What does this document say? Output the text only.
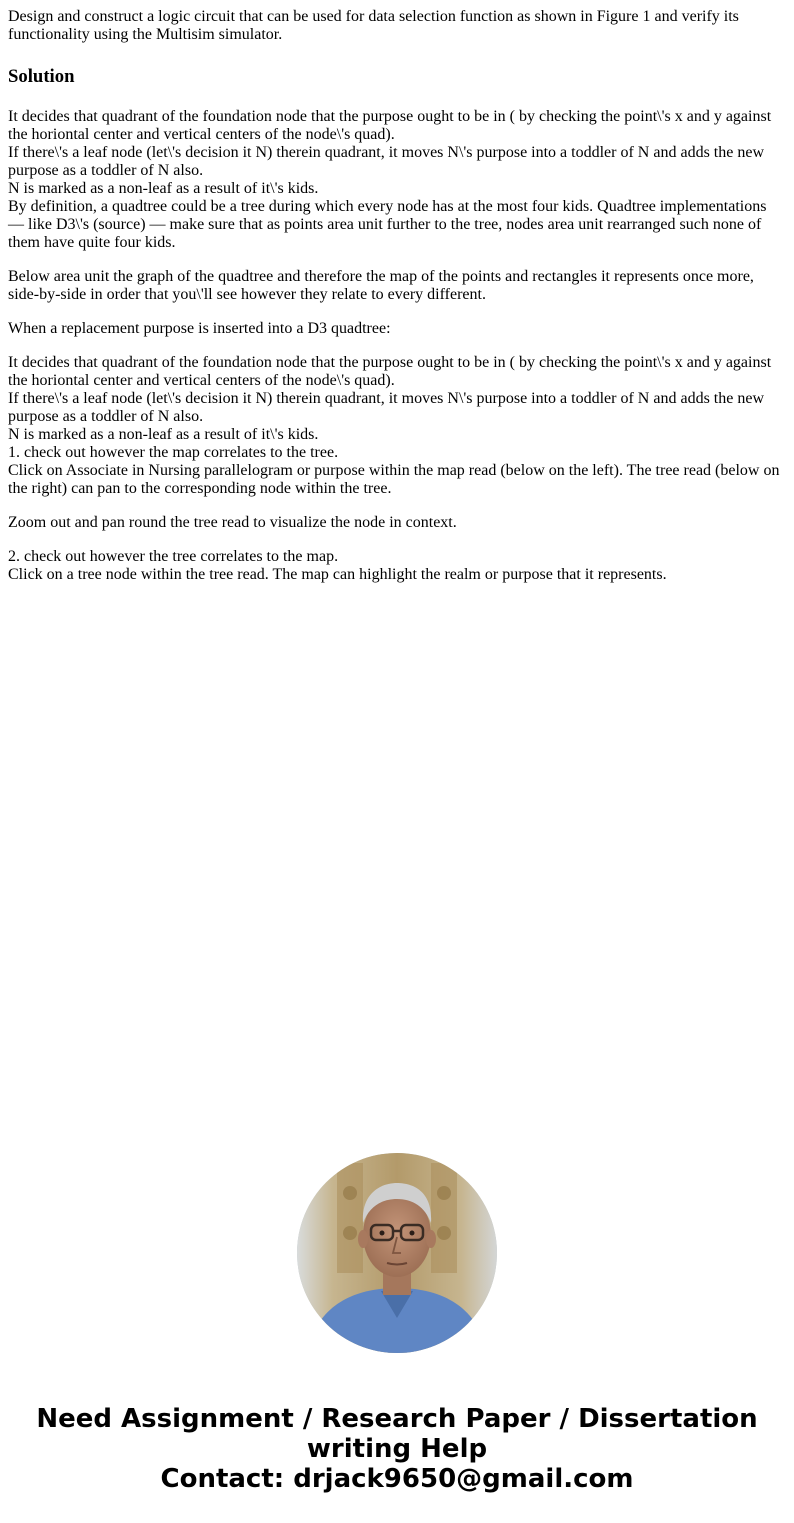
Design and construct a logic circuit that can be used for data selection function as shown in Figure 1 and verify its functionality using the Multisim simulator.
Solution
It decides that quadrant of the foundation node that the purpose ought to be in ( by checking the point\'s x and y against the horiontal center and vertical centers of the node\'s quad).
If there\'s a leaf node (let\'s decision it N) therein quadrant, it moves N\'s purpose into a toddler of N and adds the new purpose as a toddler of N also.
N is marked as a non-leaf as a result of it\'s kids.
By definition, a quadtree could be a tree during which every node has at the most four kids. Quadtree implementations — like D3\'s (source) — make sure that as points area unit further to the tree, nodes area unit rearranged such none of them have quite four kids.
Below area unit the graph of the quadtree and therefore the map of the points and rectangles it represents once more, side-by-side in order that you\'ll see however they relate to every different.
When a replacement purpose is inserted into a D3 quadtree:
It decides that quadrant of the foundation node that the purpose ought to be in ( by checking the point\'s x and y against the horiontal center and vertical centers of the node\'s quad).
If there\'s a leaf node (let\'s decision it N) therein quadrant, it moves N\'s purpose into a toddler of N and adds the new purpose as a toddler of N also.
N is marked as a non-leaf as a result of it\'s kids.
1. check out however the map correlates to the tree.
Click on Associate in Nursing parallelogram or purpose within the map read (below on the left). The tree read (below on the right) can pan to the corresponding node within the tree.
Zoom out and pan round the tree read to visualize the node in context.
2. check out however the tree correlates to the map.
Click on a tree node within the tree read. The map can highlight the realm or purpose that it represents.
Need Assignment / Research Paper / Dissertation writing Help
Contact: drjack9650@gmail.com
